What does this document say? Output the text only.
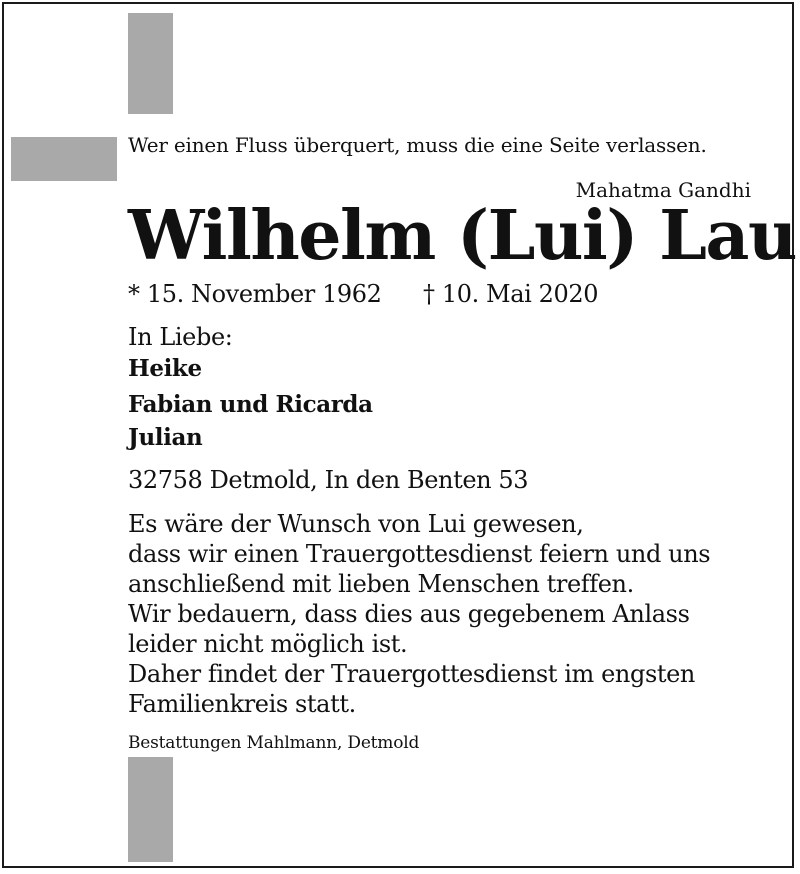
Wer einen Fluss überquert, muss die eine Seite verlassen.

Mahatma Gandhi

Wilhelm (Lui) Lau
* 15. November 1962 † 10. Mai 2020

In Liebe:

Heike

Fabian und Ricarda

Julian

32758 Detmold, In den Benten 53

Es wäre der Wunsch von Lui gewesen,
dass wir einen Trauergottesdienst feiern und uns
anschließend mit lieben Menschen treffen.
Wir bedauern, dass dies aus gegebenem Anlass
leider nicht möglich ist.
Daher findet der Trauergottesdienst im engsten
Familienkreis statt.

Bestattungen Mahlmann, Detmold
